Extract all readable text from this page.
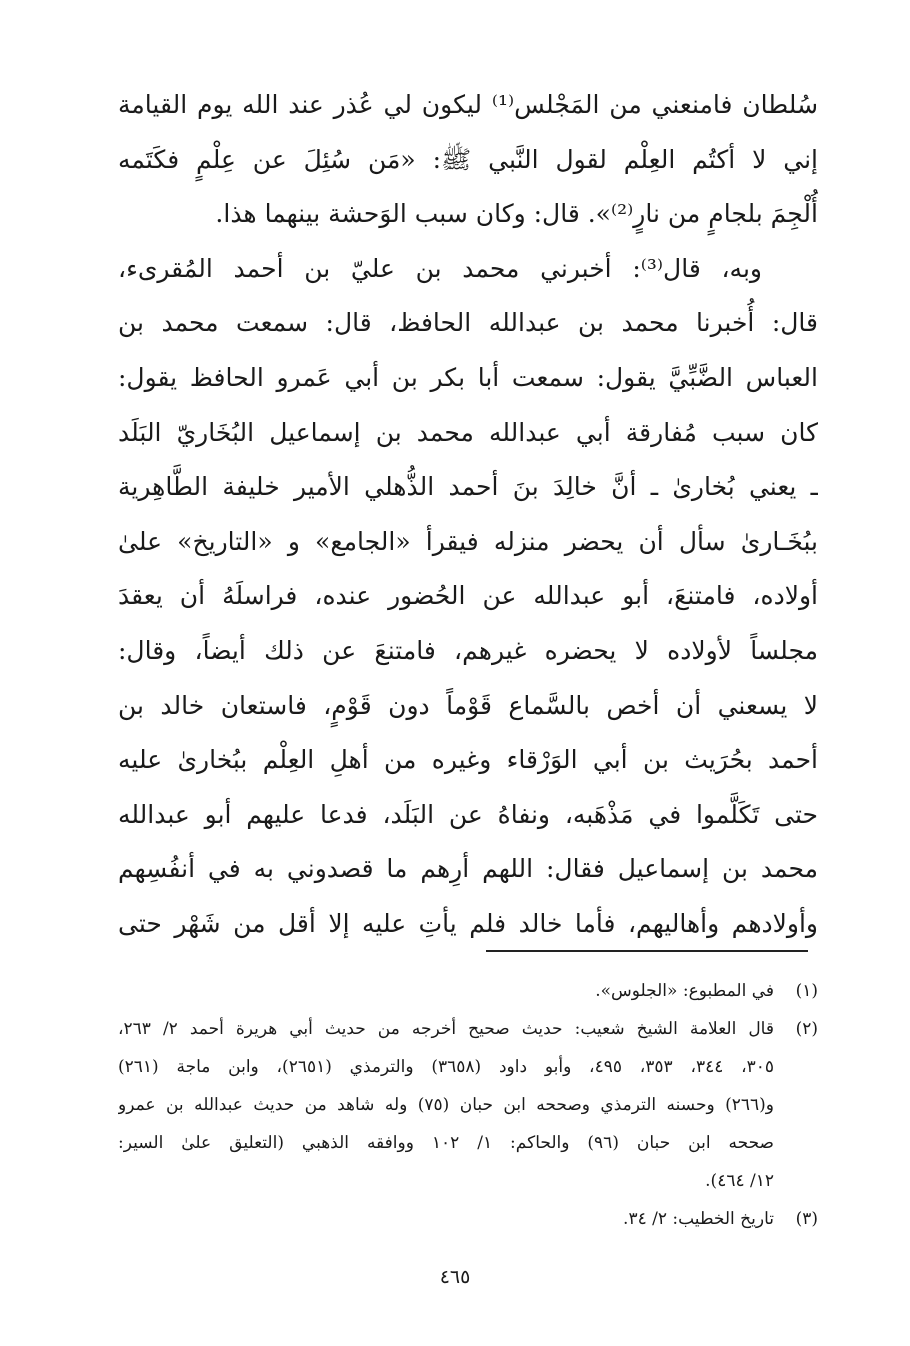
سُلطان فامنعني من المَجْلس⁽¹⁾ ليكون لي عُذر عند الله يوم القيامة
إني لا أكتُم العِلْم لقول النَّبي ﷺ: «مَن سُئِلَ عن عِلْمٍ فكَتَمه
أُلْجِمَ بلجامٍ من نارٍ⁽²⁾». قال: وكان سبب الوَحشة بينهما هذا.
وبه، قال⁽³⁾: أخبرني محمد بن عليّ بن أحمد المُقرىء،
قال: أُخبرنا محمد بن عبدالله الحافظ، قال: سمعت محمد بن
العباس الضَّبِّيَّ يقول: سمعت أبا بكر بن أبي عَمرو الحافظ يقول:
كان سبب مُفارقة أبي عبدالله محمد بن إسماعيل البُخَاريّ البَلَد
ـ يعني بُخاریٰ ـ أنَّ خالِدَ بنَ أحمد الذُّهلي الأمير خليفة الطَّاهِرية
ببُخَـارىٰ سأل أن يحضر منزله فيقرأ «الجامع» و «التاريخ» علىٰ
أولاده، فامتنعَ، أبو عبدالله عن الحُضور عنده، فراسلَهُ أن يعقدَ
مجلساً لأولاده لا يحضره غيرهم، فامتنعَ عن ذلك أيضاً، وقال:
لا يسعني أن أخص بالسَّماع قَوْماً دون قَوْمٍ، فاستعان خالد بن
أحمد بحُرَيث بن أبي الوَرْقاء وغيره من أهلِ العِلْم ببُخارىٰ عليه
حتى تَكَلَّموا في مَذْهَبه، ونفاهُ عن البَلَد، فدعا عليهم أبو عبدالله
محمد بن إسماعيل فقال: اللهم أرِهم ما قصدوني به في أنفُسِهم
وأولادهم وأهاليهم، فأما خالد فلم يأتِ عليه إلا أقل من شَهْر حتى
(١)
في المطبوع: «الجلوس».
(٢)
قال العلامة الشيخ شعيب: حديث صحيح أخرجه من حديث أبي هريرة أحمد ٢/ ٢٦٣،
٣٠٥، ٣٤٤، ٣٥٣، ٤٩٥، وأبو داود (٣٦٥٨) والترمذي (٢٦٥١)، وابن ماجة (٢٦١)
و(٢٦٦) وحسنه الترمذي وصححه ابن حبان (٧٥) وله شاهد من حديث عبدالله بن عمرو
صححه ابن حبان (٩٦) والحاكم: ١/ ١٠٢ ووافقه الذهبي (التعليق علىٰ السير:
١٢/ ٤٦٤).
(٣)
تاريخ الخطيب: ٢/ ٣٤.
٤٦٥
